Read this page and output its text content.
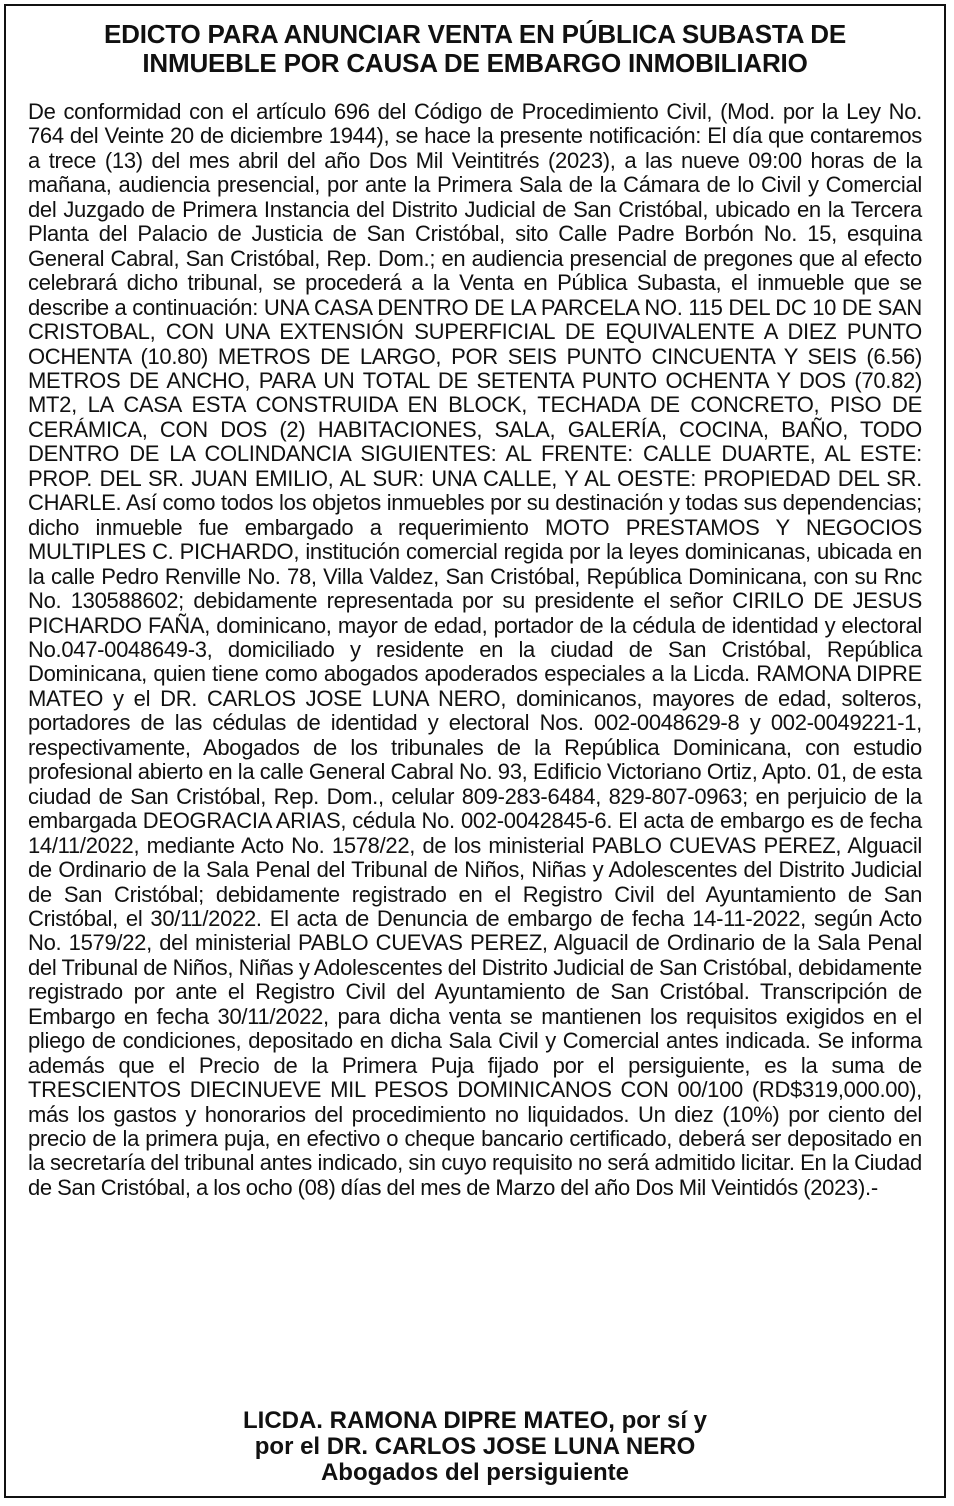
EDICTO PARA ANUNCIAR VENTA EN PÚBLICA SUBASTA DE
INMUEBLE POR CAUSA DE EMBARGO INMOBILIARIO
De conformidad con el artículo 696 del Código de Procedimiento Civil, (Mod. por la Ley No. 764 del Veinte 20 de diciembre 1944), se hace la presente notificación: El día que contaremos a trece (13) del mes abril del año Dos Mil Veintitrés (2023), a las nueve 09:00 horas de la mañana, audiencia presencial, por ante la Primera Sala de la Cámara de lo Civil y Comercial del Juzgado de Primera Instancia del Distrito Judicial de San Cristóbal, ubicado en la Tercera Planta del Palacio de Justicia de San Cristóbal, sito Calle Padre Borbón No. 15, esquina General Cabral, San Cristóbal, Rep. Dom.; en audiencia presencial de pregones que al efecto celebrará dicho tribunal, se procederá a la Venta en Pública Subasta, el inmueble que se describe a continuación: UNA CASA DENTRO DE LA PARCELA NO. 115 DEL DC 10 DE SAN CRISTOBAL, CON UNA EXTENSIÓN SUPERFICIAL DE EQUIVALENTE A DIEZ PUNTO OCHENTA (10.80) METROS DE LARGO, POR SEIS PUNTO CINCUENTA Y SEIS (6.56) METROS DE ANCHO, PARA UN TOTAL DE SETENTA PUNTO OCHENTA Y DOS (70.82) MT2, LA CASA ESTA CONSTRUIDA EN BLOCK, TECHADA DE CONCRETO, PISO DE CERÁMICA, CON DOS (2) HABITACIONES, SALA, GALERÍA, COCINA, BAÑO, TODO DENTRO DE LA COLINDANCIA SIGUIENTES: AL FRENTE: CALLE DUARTE, AL ESTE: PROP. DEL SR. JUAN EMILIO, AL SUR: UNA CALLE, Y AL OESTE: PROPIEDAD DEL SR. CHARLE. Así como todos los objetos inmuebles por su destinación y todas sus dependencias; dicho inmueble fue embargado a requerimiento MOTO PRESTAMOS Y NEGOCIOS MULTIPLES C. PICHARDO, institución comercial regida por la leyes dominicanas, ubicada en la calle Pedro Renville No. 78, Villa Valdez, San Cristóbal, República Dominicana, con su Rnc No. 130588602; debidamente representada por su presidente el señor CIRILO DE JESUS PICHARDO FAÑA, dominicano, mayor de edad, portador de la cédula de identidad y electoral No.047-0048649-3, domiciliado y residente en la ciudad de San Cristóbal, República Dominicana, quien tiene como abogados apoderados especiales a la Licda. RAMONA DIPRE MATEO y el DR. CARLOS JOSE LUNA NERO, dominicanos, mayores de edad, solteros, portadores de las cédulas de identidad y electoral Nos. 002-0048629-8 y 002-0049221-1, respectivamente, Abogados de los tribunales de la República Dominicana, con estudio profesional abierto en la calle General Cabral No. 93, Edificio Victoriano Ortiz, Apto. 01, de esta ciudad de San Cristóbal, Rep. Dom., celular 809-283-6484, 829-807-0963; en perjuicio de la embargada DEOGRACIA ARIAS, cédula No. 002-0042845-6. El acta de embargo es de fecha 14/11/2022, mediante Acto No. 1578/22, de los ministerial PABLO CUEVAS PEREZ, Alguacil de Ordinario de la Sala Penal del Tribunal de Niños, Niñas y Adolescentes del Distrito Judicial de San Cristóbal; debidamente registrado en el Registro Civil del Ayuntamiento de San Cristóbal, el 30/11/2022. El acta de Denuncia de embargo de fecha 14-11-2022, según Acto No. 1579/22, del ministerial PABLO CUEVAS PEREZ, Alguacil de Ordinario de la Sala Penal del Tribunal de Niños, Niñas y Adolescentes del Distrito Judicial de San Cristóbal, debidamente registrado por ante el Registro Civil del Ayuntamiento de San Cristóbal. Transcripción de Embargo en fecha 30/11/2022, para dicha venta se mantienen los requisitos exigidos en el pliego de condiciones, depositado en dicha Sala Civil y Comercial antes indicada. Se informa además que el Precio de la Primera Puja fijado por el persiguiente, es la suma de TRESCIENTOS DIECINUEVE MIL PESOS DOMINICANOS CON 00/100 (RD$319,000.00), más los gastos y honorarios del procedimiento no liquidados. Un diez (10%) por ciento del precio de la primera puja, en efectivo o cheque bancario certificado, deberá ser depositado en la secretaría del tribunal antes indicado, sin cuyo requisito no será admitido licitar. En la Ciudad de San Cristóbal, a los ocho (08) días del mes de Marzo del año Dos Mil Veintidós (2023).-
LICDA. RAMONA DIPRE MATEO, por sí y
por el DR. CARLOS JOSE LUNA NERO
Abogados del persiguiente
